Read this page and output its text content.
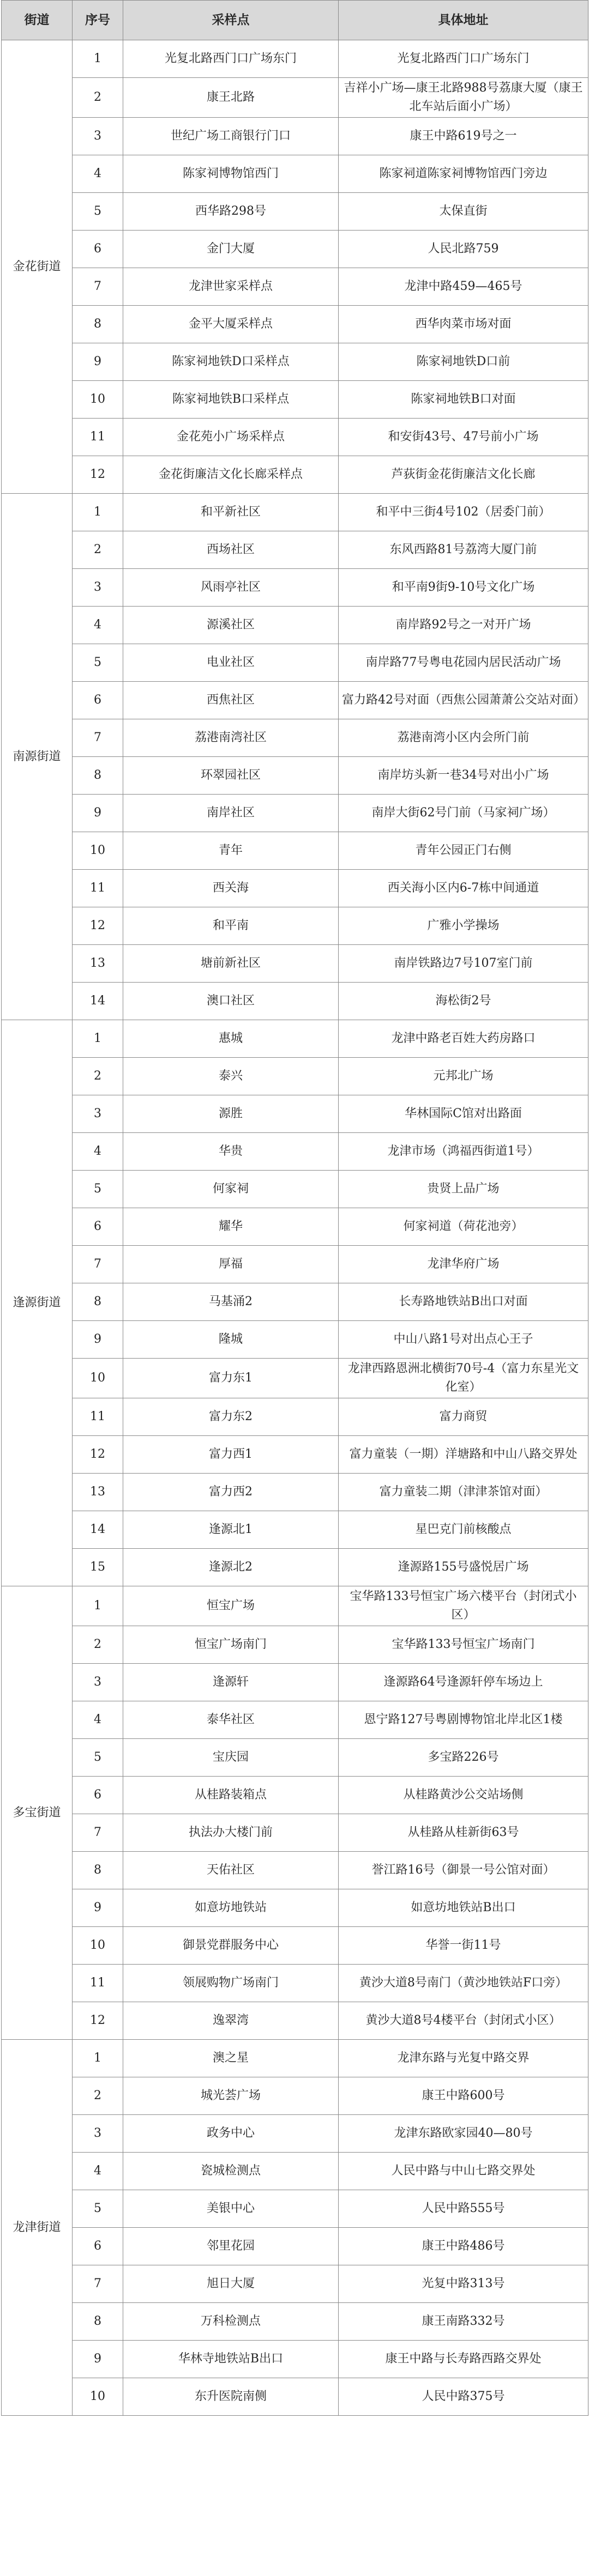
街道	序号	采样点	具体地址
金花街道	1	光复北路西门口广场东门	光复北路西门口广场东门
	2	康王北路	吉祥小广场—康王北路988号荔康大厦（康王北车站后面小广场）
	3	世纪广场工商银行门口	康王中路619号之一
	4	陈家祠博物馆西门	陈家祠道陈家祠博物馆西门旁边
	5	西华路298号	太保直街
	6	金门大厦	人民北路759
	7	龙津世家采样点	龙津中路459—465号
	8	金平大厦采样点	西华肉菜市场对面
	9	陈家祠地铁D口采样点	陈家祠地铁D口前
	10	陈家祠地铁B口采样点	陈家祠地铁B口对面
	11	金花苑小广场采样点	和安街43号、47号前小广场
	12	金花街廉洁文化长廊采样点	芦荻街金花街廉洁文化长廊
南源街道	1	和平新社区	和平中三街4号102（居委门前）
	2	西场社区	东风西路81号荔湾大厦门前
	3	风雨亭社区	和平南9街9-10号文化广场
	4	源溪社区	南岸路92号之一对开广场
	5	电业社区	南岸路77号粤电花园内居民活动广场
	6	西焦社区	富力路42号对面（西焦公园萧萧公交站对面）
	7	荔港南湾社区	荔港南湾小区内会所门前
	8	环翠园社区	南岸坊头新一巷34号对出小广场
	9	南岸社区	南岸大街62号门前（马家祠广场）
	10	青年	青年公园正门右侧
	11	西关海	西关海小区内6-7栋中间通道
	12	和平南	广雅小学操场
	13	塘前新社区	南岸铁路边7号107室门前
	14	澳口社区	海松街2号
逢源街道	1	惠城	龙津中路老百姓大药房路口
	2	泰兴	元邦北广场
	3	源胜	华林国际C馆对出路面
	4	华贵	龙津市场（鸿福西街道1号）
	5	何家祠	贵贤上品广场
	6	耀华	何家祠道（荷花池旁）
	7	厚福	龙津华府广场
	8	马基涌2	长寿路地铁站B出口对面
	9	隆城	中山八路1号对出点心王子
	10	富力东1	龙津西路恩洲北横街70号-4（富力东星光文化室）
	11	富力东2	富力商贸
	12	富力西1	富力童装（一期）洋塘路和中山八路交界处
	13	富力西2	富力童装二期（津津茶馆对面）
	14	逢源北1	星巴克门前核酸点
	15	逢源北2	逢源路155号盛悦居广场
多宝街道	1	恒宝广场	宝华路133号恒宝广场六楼平台（封闭式小区）
	2	恒宝广场南门	宝华路133号恒宝广场南门
	3	逢源轩	逢源路64号逢源轩停车场边上
	4	泰华社区	恩宁路127号粤剧博物馆北岸北区1楼
	5	宝庆园	多宝路226号
	6	从桂路装箱点	从桂路黄沙公交站场侧
	7	执法办大楼门前	从桂路从桂新街63号
	8	天佑社区	誉江路16号（御景一号公馆对面）
	9	如意坊地铁站	如意坊地铁站B出口
	10	御景党群服务中心	华誉一街11号
	11	领展购物广场南门	黄沙大道8号南门（黄沙地铁站F口旁）
	12	逸翠湾	黄沙大道8号4楼平台（封闭式小区）
龙津街道	1	澳之星	龙津东路与光复中路交界
	2	城光荟广场	康王中路600号
	3	政务中心	龙津东路欧家园40—80号
	4	瓷城检测点	人民中路与中山七路交界处
	5	美银中心	人民中路555号
	6	邻里花园	康王中路486号
	7	旭日大厦	光复中路313号
	8	万科检测点	康王南路332号
	9	华林寺地铁站B出口	康王中路与长寿路西路交界处
	10	东升医院南侧	人民中路375号
